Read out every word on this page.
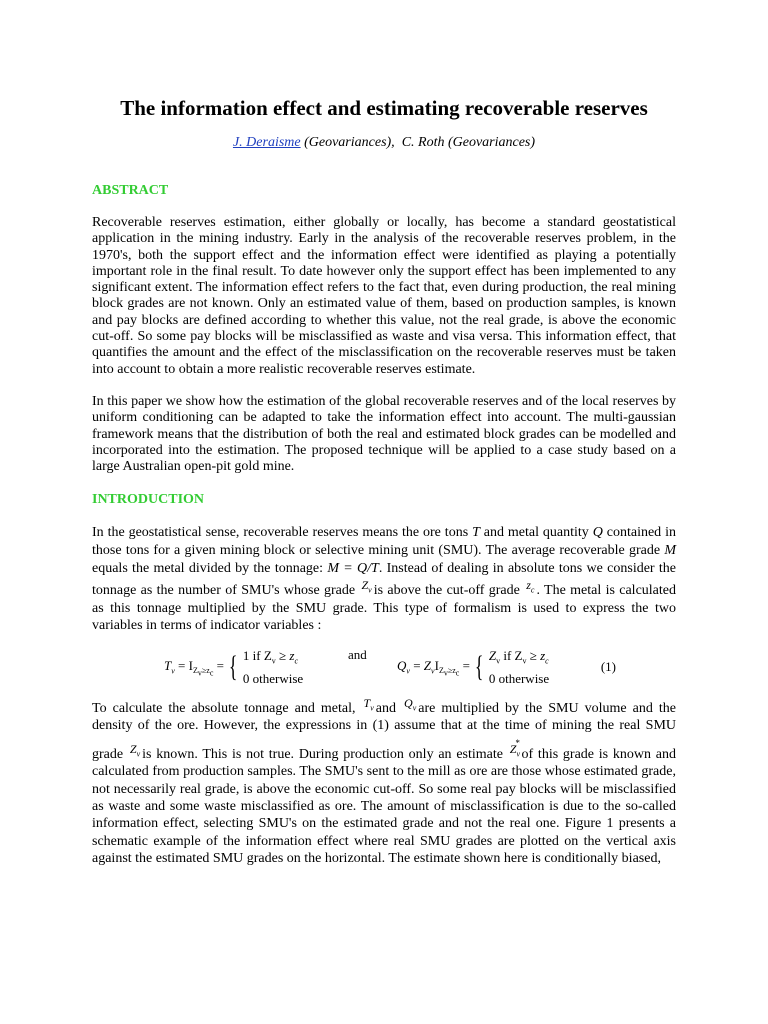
The information effect and estimating recoverable reserves
J. Deraisme (Geovariances), C. Roth (Geovariances)
ABSTRACT

Recoverable reserves estimation, either globally or locally, has become a standard geostatistical application in the mining industry. Early in the analysis of the recoverable reserves problem, in the 1970's, both the support effect and the information effect were identified as playing a potentially important role in the final result. To date however only the support effect has been implemented to any significant extent. The information effect refers to the fact that, even during production, the real mining block grades are not known. Only an estimated value of them, based on production samples, is known and pay blocks are defined according to whether this value, not the real grade, is above the economic cut-off. So some pay blocks will be misclassified as waste and visa versa. This information effect, that quantifies the amount and the effect of the misclassification on the recoverable reserves must be taken into account to obtain a more realistic recoverable reserves estimate.

In this paper we show how the estimation of the global recoverable reserves and of the local reserves by uniform conditioning can be adapted to take the information effect into account. The multi-gaussian framework means that the distribution of both the real and estimated block grades can be modelled and incorporated into the estimation. The proposed technique will be applied to a case study based on a large Australian open-pit gold mine.

INTRODUCTION

In the geostatistical sense, recoverable reserves means the ore tons T and metal quantity Q contained in those tons for a given mining block or selective mining unit (SMU). The average recoverable grade M equals the metal divided by the tonnage: M = Q/T. Instead of dealing in absolute tons we consider the tonnage as the number of SMU's whose grade $Z_v$ is above the cut-off grade $z_c$ . The metal is calculated as this tonnage multiplied by the SMU grade. This type of formalism is used to express the two variables in terms of indicator variables :

$T_v = I_{Z_v\ge z_c}$ = { 1 if $Z_v \ge z_c$
0 otherwise
and
$Q_v = Z_vI_{Z_v\ge z_c}$ = { $Z_v$ if $Z_v \ge z_c$
0 otherwise
(1)

To calculate the absolute tonnage and metal, $T_v$ and $Q_v$ are multiplied by the SMU volume and the density of the ore. However, the expressions in (1) assume that at the time of mining the real SMU grade $Z_v$ is known. This is not true. During production only an estimate $Z_v^*of$ this grade is known and calculated from production samples. The SMU's sent to the mill as ore are those whose estimated grade, not necessarily real grade, is above the economic cut-off. So some real pay blocks will be misclassified as waste and some waste misclassified as ore. The amount of misclassification is due to the so-called information effect, selecting SMU's on the estimated grade and not the real one. Figure 1 presents a schematic example of the information effect where real SMU grades are plotted on the vertical axis against the estimated SMU grades on the horizontal. The estimate shown here is conditionally biased,
